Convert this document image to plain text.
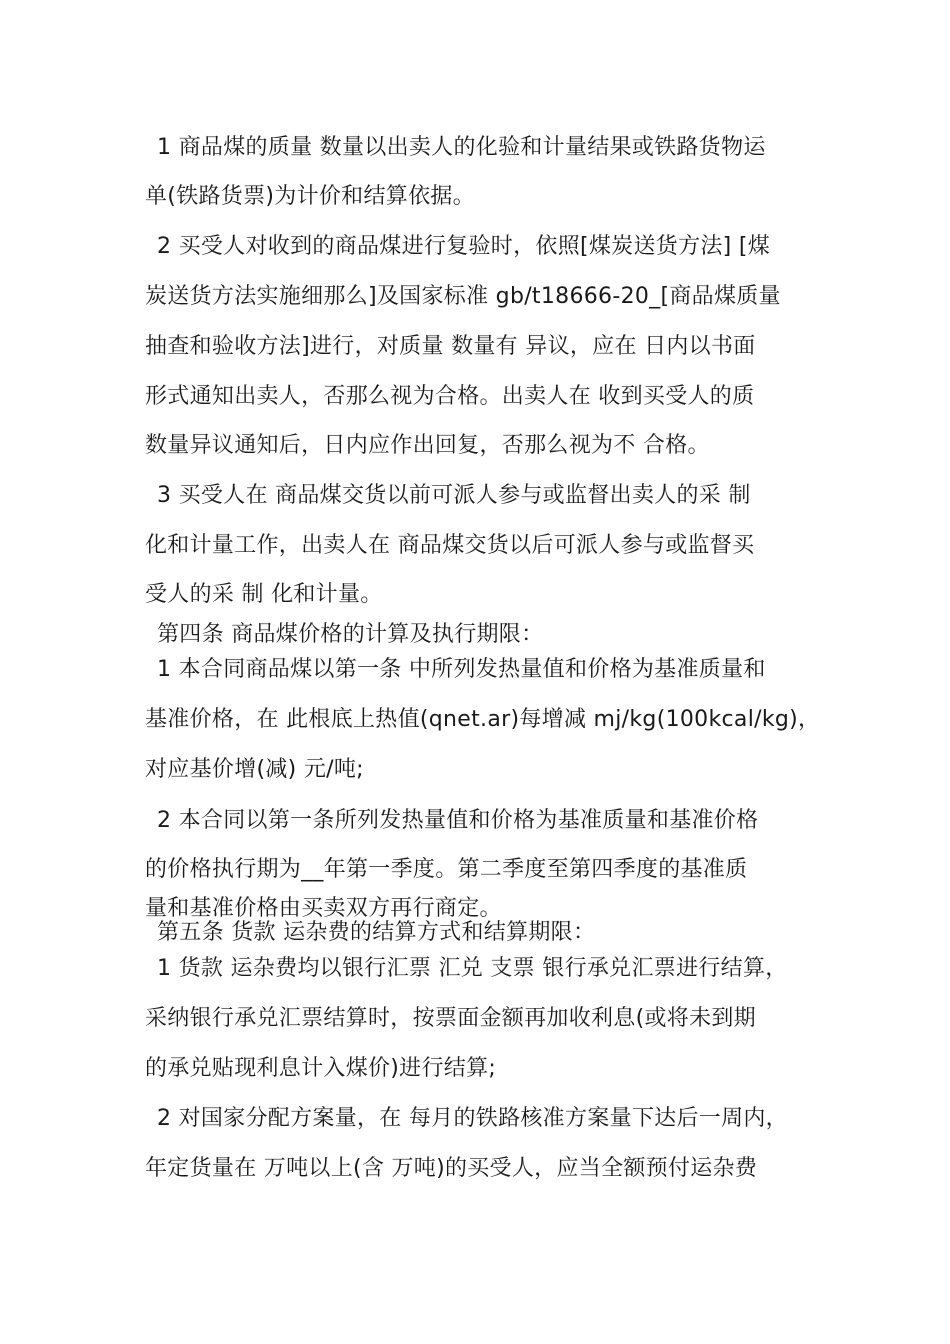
1 商品煤的质量 数量以出卖人的化验和计量结果或铁路货物运
单(铁路货票)为计价和结算依据。
2 买受人对收到的商品煤进行复验时，依照[煤炭送货方法] [煤
炭送货方法实施细那么]及国家标准 gb/t18666-20_[商品煤质量
抽查和验收方法]进行，对质量 数量有 异议，应在 日内以书面
形式通知出卖人，否那么视为合格。出卖人在 收到买受人的质
数量异议通知后，日内应作出回复，否那么视为不 合格。
3 买受人在 商品煤交货以前可派人参与或监督出卖人的采 制
化和计量工作，出卖人在 商品煤交货以后可派人参与或监督买
受人的采 制 化和计量。
第四条 商品煤价格的计算及执行期限：
1 本合同商品煤以第一条 中所列发热量值和价格为基准质量和
基准价格，在 此根底上热值(qnet.ar)每增减 mj/kg(100kcal/kg)，
对应基价增(减) 元/吨;
2 本合同以第一条所列发热量值和价格为基准质量和基准价格
的价格执行期为__年第一季度。第二季度至第四季度的基准质
量和基准价格由买卖双方再行商定。
第五条 货款 运杂费的结算方式和结算期限：
1 货款 运杂费均以银行汇票 汇兑 支票 银行承兑汇票进行结算，
采纳银行承兑汇票结算时，按票面金额再加收利息(或将未到期
的承兑贴现利息计入煤价)进行结算;
2 对国家分配方案量，在 每月的铁路核准方案量下达后一周内，
年定货量在 万吨以上(含 万吨)的买受人，应当全额预付运杂费
